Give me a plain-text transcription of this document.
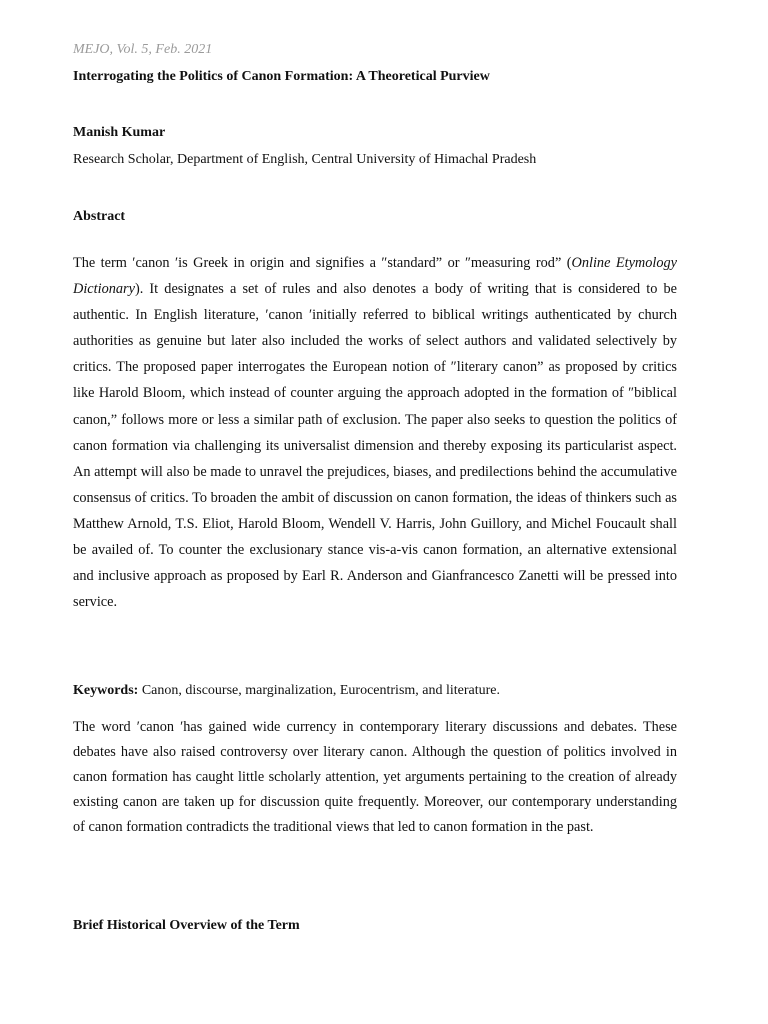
MEJO, Vol. 5, Feb. 2021
Interrogating the Politics of Canon Formation: A Theoretical Purview
Manish Kumar
Research Scholar, Department of English, Central University of Himachal Pradesh
Abstract

The term ′canon ′is Greek in origin and signifies a ″standard” or ″measuring rod” (Online Etymology Dictionary). It designates a set of rules and also denotes a body of writing that is considered to be authentic. In English literature, ′canon ′initially referred to biblical writings authenticated by church authorities as genuine but later also included the works of select authors and validated selectively by critics. The proposed paper interrogates the European notion of ″literary canon” as proposed by critics like Harold Bloom, which instead of counter arguing the approach adopted in the formation of ″biblical canon,” follows more or less a similar path of exclusion. The paper also seeks to question the politics of canon formation via challenging its universalist dimension and thereby exposing its particularist aspect. An attempt will also be made to unravel the prejudices, biases, and predilections behind the accumulative consensus of critics. To broaden the ambit of discussion on canon formation, the ideas of thinkers such as Matthew Arnold, T.S. Eliot, Harold Bloom, Wendell V. Harris, John Guillory, and Michel Foucault shall be availed of. To counter the exclusionary stance vis-a-vis canon formation, an alternative extensional and inclusive approach as proposed by Earl R. Anderson and Gianfrancesco Zanetti will be pressed into service.

Keywords: Canon, discourse, marginalization, Eurocentrism, and literature.

The word ′canon ′has gained wide currency in contemporary literary discussions and debates. These debates have also raised controversy over literary canon. Although the question of politics involved in canon formation has caught little scholarly attention, yet arguments pertaining to the creation of already existing canon are taken up for discussion quite frequently. Moreover, our contemporary understanding of canon formation contradicts the traditional views that led to canon formation in the past.

Brief Historical Overview of the Term
